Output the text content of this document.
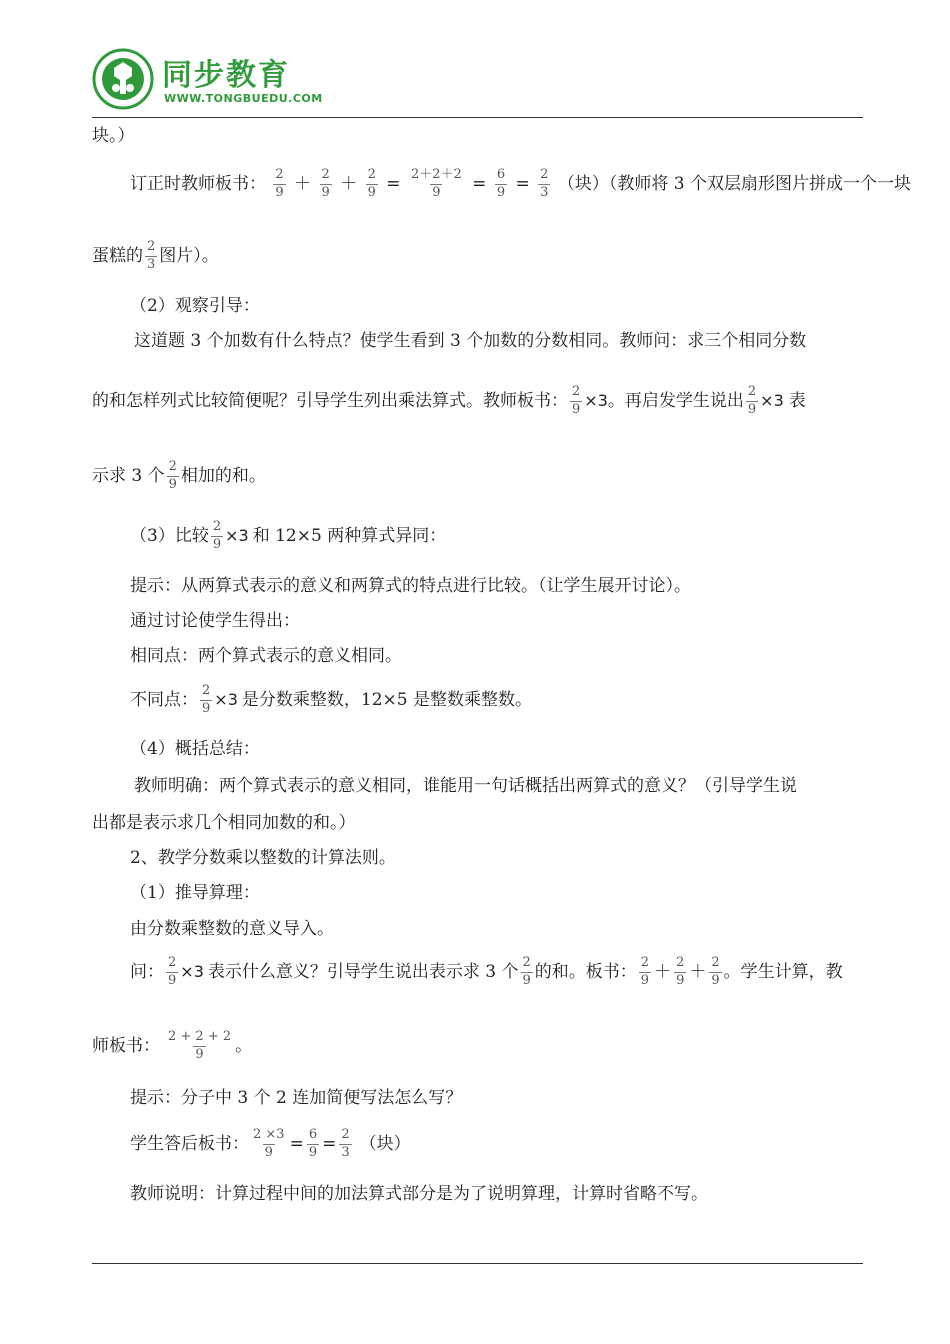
同步教育
WWW.TONGBUEDU.COM
块。）
订正时教师板书： $\frac{2}{9} + \frac{2}{9} + \frac{2}{9} = \frac{2+2+2}{9} = \frac{6}{9} = \frac{2}{3}$ （块）（教师将 3 个双层扇形图片拼成一个一块
蛋糕的 $\frac{2}{3}$ 图片）。
（2）观察引导：
这道题 3 个加数有什么特点？使学生看到 3 个加数的分数相同。教师问：求三个相同分数
的和怎样列式比较简便呢？引导学生列出乘法算式。教师板书： $\frac{2}{9} \times 3$。再启发学生说出 $\frac{2}{9} \times 3$ 表
示求 3 个 $\frac{2}{9}$ 相加的和。
（3）比较 $\frac{2}{9} \times 3$ 和 12×5 两种算式异同：
提示：从两算式表示的意义和两算式的特点进行比较。（让学生展开讨论）。
通过讨论使学生得出：
相同点：两个算式表示的意义相同。
不同点： $\frac{2}{9} \times 3$ 是分数乘整数，12×5 是整数乘整数。
（4）概括总结：
教师明确：两个算式表示的意义相同，谁能用一句话概括出两算式的意义？（引导学生说
出都是表示求几个相同加数的和。）
2、教学分数乘以整数的计算法则。
（1）推导算理：
由分数乘整数的意义导入。
问： $\frac{2}{9} \times 3$ 表示什么意义？引导学生说出表示求 3 个 $\frac{2}{9}$ 的和。板书： $\frac{2}{9} + \frac{2}{9} + \frac{2}{9}$ 。学生计算，教
师板书： $\frac{2 + 2 + 2}{9}$ 。
提示：分子中 3 个 2 连加简便写法怎么写？
学生答后板书： $\frac{2 \times 3}{9} = \frac{6}{9} = \frac{2}{3}$ （块）
教师说明：计算过程中间的加法算式部分是为了说明算理，计算时省略不写。
